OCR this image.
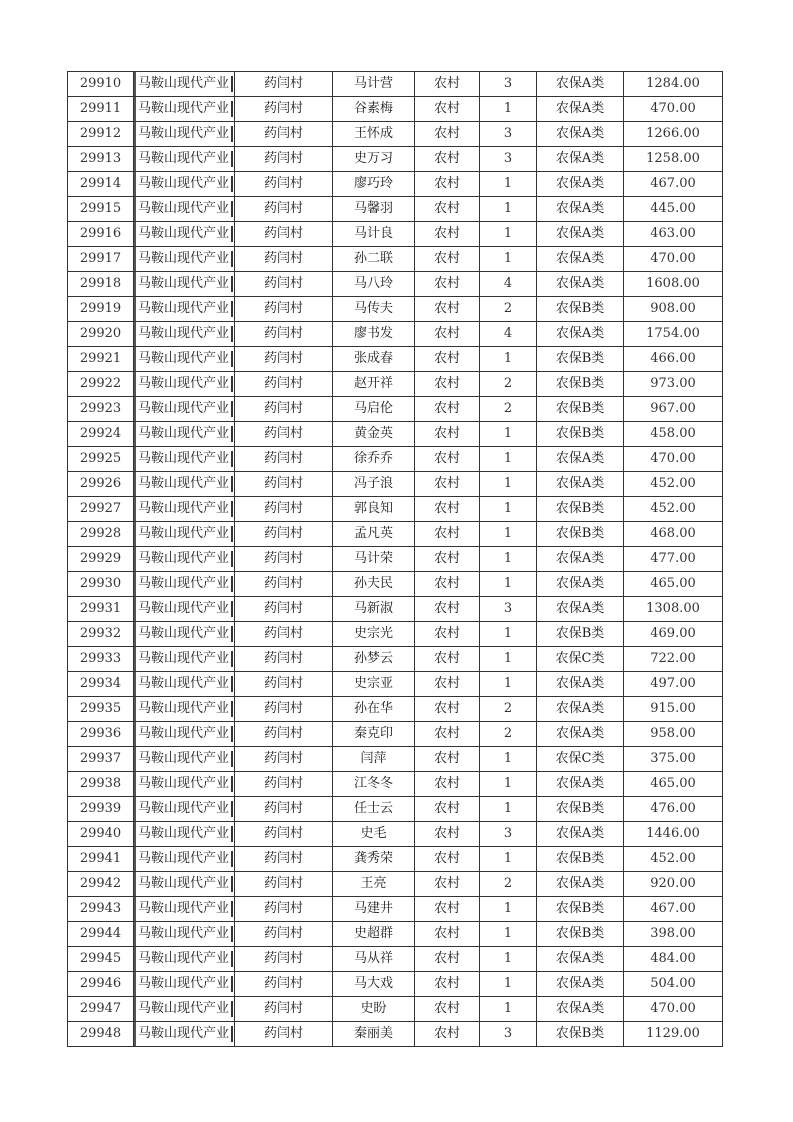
29910	马鞍山现代产业	药闫村	马计营	农村	3	农保A类	1284.00
29911	马鞍山现代产业	药闫村	谷素梅	农村	1	农保A类	470.00
29912	马鞍山现代产业	药闫村	王怀成	农村	3	农保A类	1266.00
29913	马鞍山现代产业	药闫村	史万习	农村	3	农保A类	1258.00
29914	马鞍山现代产业	药闫村	廖巧玲	农村	1	农保A类	467.00
29915	马鞍山现代产业	药闫村	马馨羽	农村	1	农保A类	445.00
29916	马鞍山现代产业	药闫村	马计良	农村	1	农保A类	463.00
29917	马鞍山现代产业	药闫村	孙二联	农村	1	农保A类	470.00
29918	马鞍山现代产业	药闫村	马八玲	农村	4	农保A类	1608.00
29919	马鞍山现代产业	药闫村	马传夫	农村	2	农保B类	908.00
29920	马鞍山现代产业	药闫村	廖书发	农村	4	农保A类	1754.00
29921	马鞍山现代产业	药闫村	张成春	农村	1	农保B类	466.00
29922	马鞍山现代产业	药闫村	赵开祥	农村	2	农保B类	973.00
29923	马鞍山现代产业	药闫村	马启伦	农村	2	农保B类	967.00
29924	马鞍山现代产业	药闫村	黄金英	农村	1	农保B类	458.00
29925	马鞍山现代产业	药闫村	徐乔乔	农村	1	农保A类	470.00
29926	马鞍山现代产业	药闫村	冯子浪	农村	1	农保A类	452.00
29927	马鞍山现代产业	药闫村	郭良知	农村	1	农保B类	452.00
29928	马鞍山现代产业	药闫村	孟凡英	农村	1	农保B类	468.00
29929	马鞍山现代产业	药闫村	马计荣	农村	1	农保A类	477.00
29930	马鞍山现代产业	药闫村	孙夫民	农村	1	农保A类	465.00
29931	马鞍山现代产业	药闫村	马新淑	农村	3	农保A类	1308.00
29932	马鞍山现代产业	药闫村	史宗光	农村	1	农保B类	469.00
29933	马鞍山现代产业	药闫村	孙梦云	农村	1	农保C类	722.00
29934	马鞍山现代产业	药闫村	史宗亚	农村	1	农保A类	497.00
29935	马鞍山现代产业	药闫村	孙在华	农村	2	农保A类	915.00
29936	马鞍山现代产业	药闫村	秦克印	农村	2	农保A类	958.00
29937	马鞍山现代产业	药闫村	闫萍	农村	1	农保C类	375.00
29938	马鞍山现代产业	药闫村	江冬冬	农村	1	农保A类	465.00
29939	马鞍山现代产业	药闫村	任士云	农村	1	农保B类	476.00
29940	马鞍山现代产业	药闫村	史毛	农村	3	农保A类	1446.00
29941	马鞍山现代产业	药闫村	龚秀荣	农村	1	农保B类	452.00
29942	马鞍山现代产业	药闫村	王亮	农村	2	农保A类	920.00
29943	马鞍山现代产业	药闫村	马建井	农村	1	农保B类	467.00
29944	马鞍山现代产业	药闫村	史超群	农村	1	农保B类	398.00
29945	马鞍山现代产业	药闫村	马从祥	农村	1	农保A类	484.00
29946	马鞍山现代产业	药闫村	马大戏	农村	1	农保A类	504.00
29947	马鞍山现代产业	药闫村	史盼	农村	1	农保A类	470.00
29948	马鞍山现代产业	药闫村	秦丽美	农村	3	农保B类	1129.00
